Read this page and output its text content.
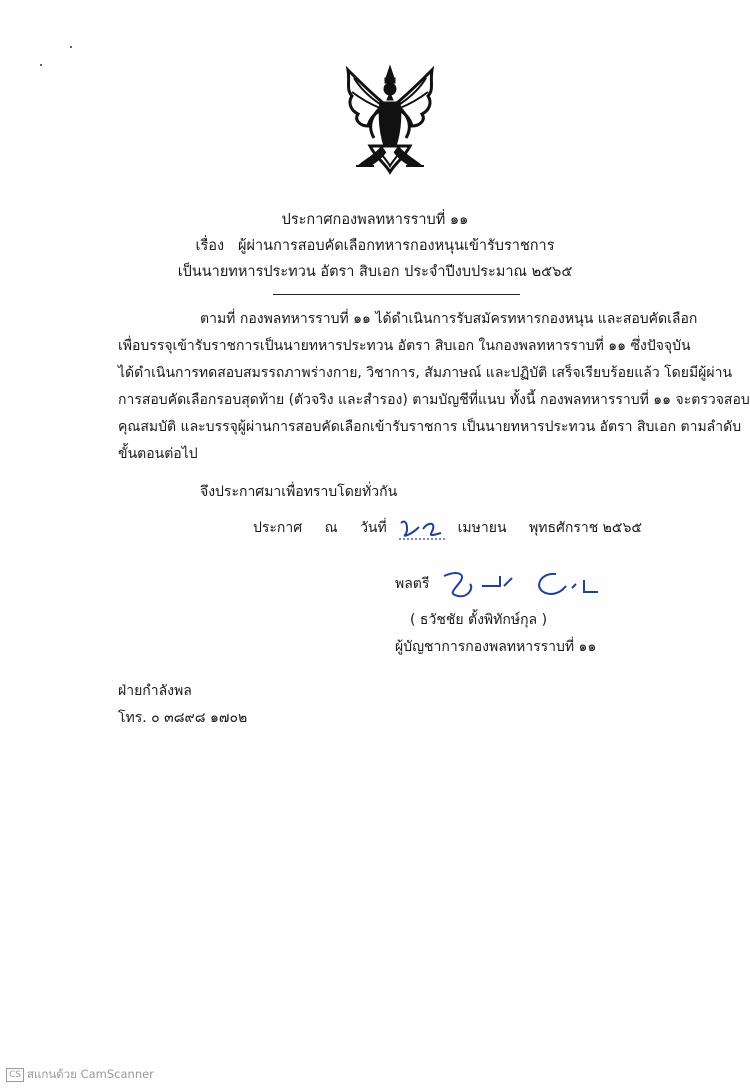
ประกาศกองพลทหารราบที่ ๑๑
เรื่อง ผู้ผ่านการสอบคัดเลือกทหารกองหนุนเข้ารับราชการ
เป็นนายทหารประทวน อัตรา สิบเอก ประจำปีงบประมาณ ๒๕๖๕
ตามที่ กองพลทหารราบที่ ๑๑ ได้ดำเนินการรับสมัครทหารกองหนุน และสอบคัดเลือก
เพื่อบรรจุเข้ารับราชการเป็นนายทหารประทวน อัตรา สิบเอก ในกองพลทหารราบที่ ๑๑ ซึ่งปัจจุบัน
ได้ดำเนินการทดสอบสมรรถภาพร่างกาย, วิชาการ, สัมภาษณ์ และปฏิบัติ เสร็จเรียบร้อยแล้ว โดยมีผู้ผ่าน
การสอบคัดเลือกรอบสุดท้าย (ตัวจริง และสำรอง) ตามบัญชีที่แนบ ทั้งนี้ กองพลทหารราบที่ ๑๑ จะตรวจสอบ
คุณสมบัติ และบรรจุผู้ผ่านการสอบคัดเลือกเข้ารับราชการ เป็นนายทหารประทวน อัตรา สิบเอก ตามลำดับ
ขั้นตอนต่อไป
จึงประกาศมาเพื่อทราบโดยทั่วกัน
ประกาศ ณ วันที่	เมษายน พุทธศักราช ๒๕๖๕
พลตรี
( ธวัชชัย ตั้งพิทักษ์กุล )
ผู้บัญชาการกองพลทหารราบที่ ๑๑
ฝ่ายกำลังพล
โทร. ๐ ๓๘๙๘ ๑๗๐๒
CS สแกนด้วย CamScanner
